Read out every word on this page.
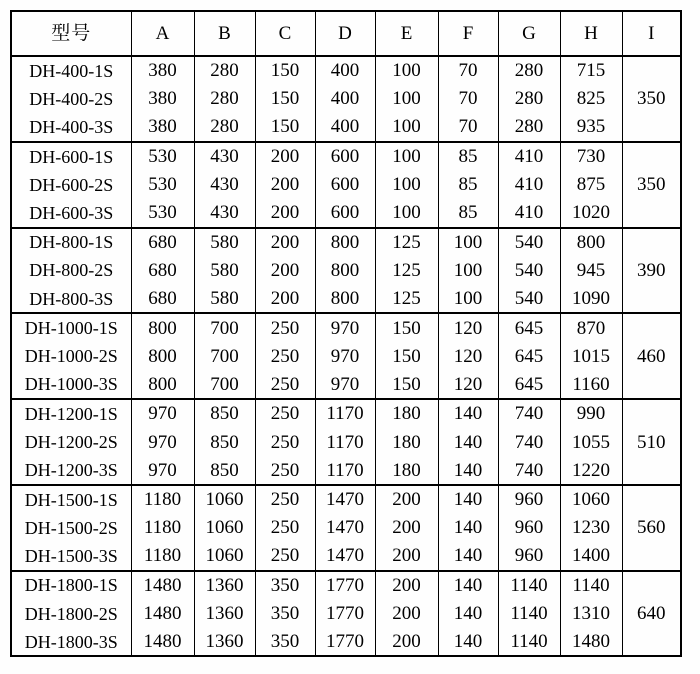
型号	A	B	C	D	E	F	G	H	I
DH-400-1S	380	280	150	400	100	70	280	715	350
DH-400-2S	380	280	150	400	100	70	280	825	
DH-400-3S	380	280	150	400	100	70	280	935	
DH-600-1S	530	430	200	600	100	85	410	730	350
DH-600-2S	530	430	200	600	100	85	410	875	
DH-600-3S	530	430	200	600	100	85	410	1020	
DH-800-1S	680	580	200	800	125	100	540	800	390
DH-800-2S	680	580	200	800	125	100	540	945	
DH-800-3S	680	580	200	800	125	100	540	1090	
DH-1000-1S	800	700	250	970	150	120	645	870	460
DH-1000-2S	800	700	250	970	150	120	645	1015	
DH-1000-3S	800	700	250	970	150	120	645	1160	
DH-1200-1S	970	850	250	1170	180	140	740	990	510
DH-1200-2S	970	850	250	1170	180	140	740	1055	
DH-1200-3S	970	850	250	1170	180	140	740	1220	
DH-1500-1S	1180	1060	250	1470	200	140	960	1060	560
DH-1500-2S	1180	1060	250	1470	200	140	960	1230	
DH-1500-3S	1180	1060	250	1470	200	140	960	1400	
DH-1800-1S	1480	1360	350	1770	200	140	1140	1140	640
DH-1800-2S	1480	1360	350	1770	200	140	1140	1310	
DH-1800-3S	1480	1360	350	1770	200	140	1140	1480	
